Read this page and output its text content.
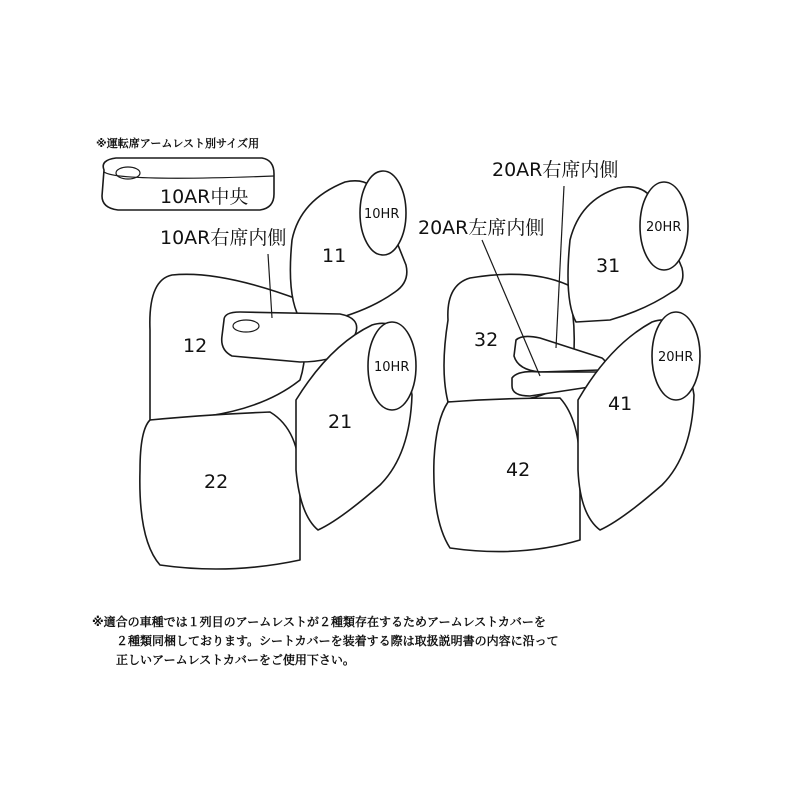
※運転席アームレスト別サイズ用
10AR中央
10AR右席内側
20AR右席内側
20AR左席内側
11
12
21
22
31
32
41
42
10HR
10HR
20HR
20HR
※適合の車種では１列目のアームレストが２種類存在するためアームレストカバーを
２種類同梱しております。シートカバーを装着する際は取扱説明書の内容に沿って
正しいアームレストカバーをご使用下さい。
